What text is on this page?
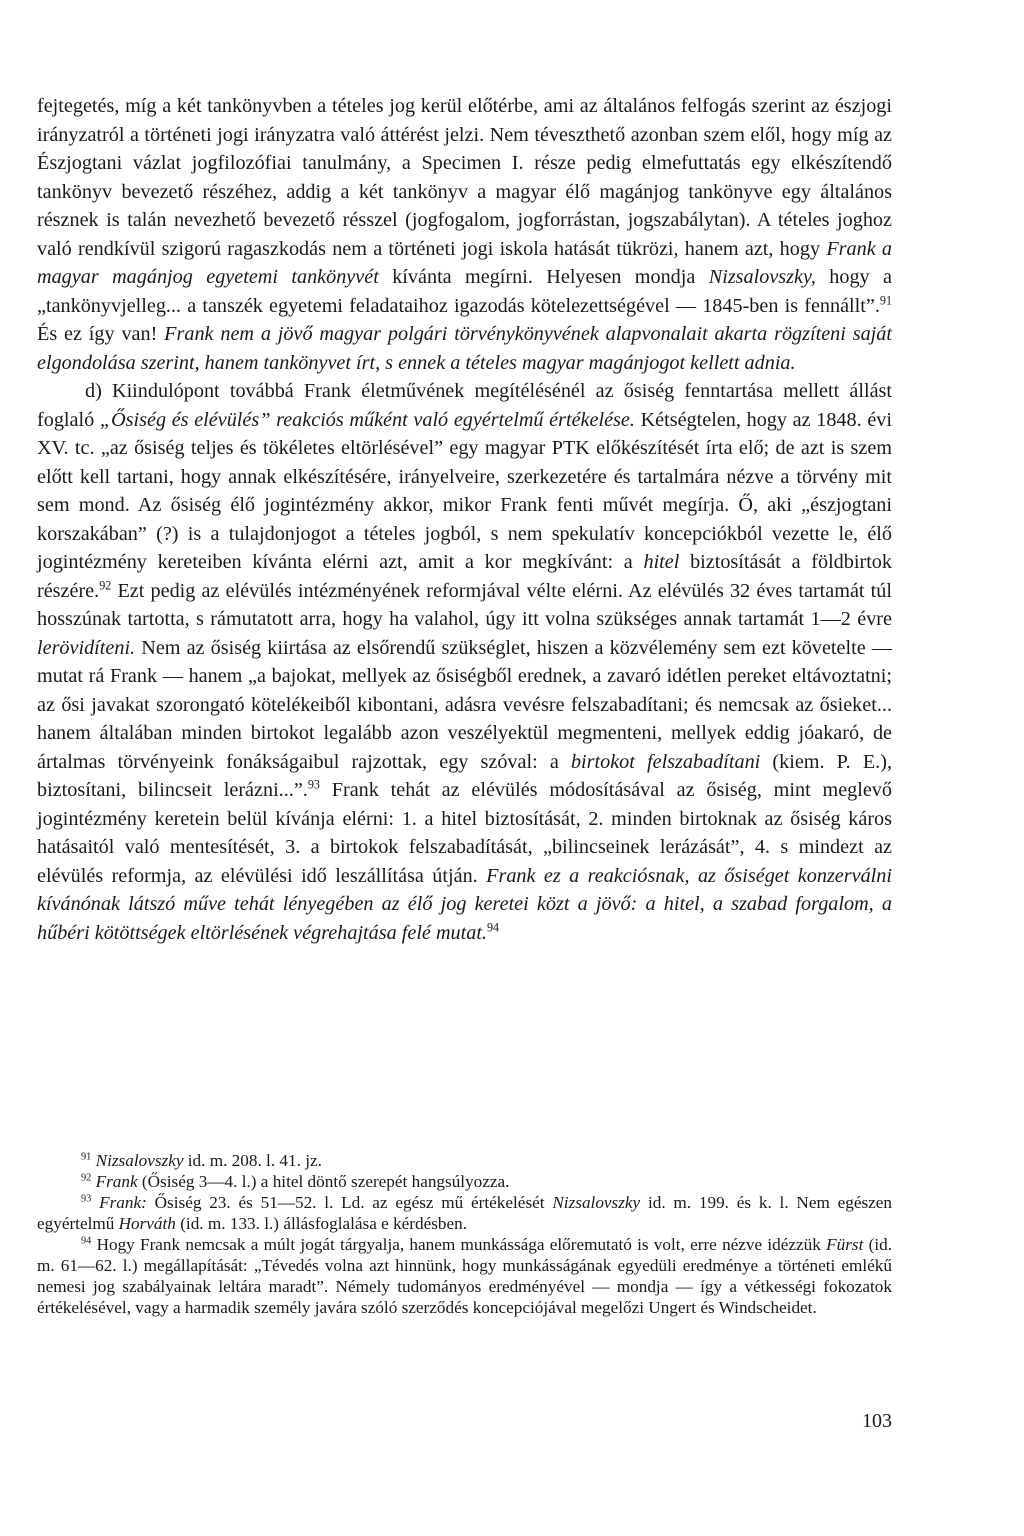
fejtegetés, míg a két tankönyvben a tételes jog kerül előtérbe, ami az általános felfogás szerint az észjogi irányzatról a történeti jogi irányzatra való áttérést jelzi. Nem téveszthető azonban szem elől, hogy míg az Észjogtani vázlat jogfilozófiai tanulmány, a Specimen I. része pedig elmefuttatás egy elkészítendő tankönyv bevezető részéhez, addig a két tankönyv a magyar élő magánjog tankönyve egy általános résznek is talán nevezhető bevezető résszel (jogfogalom, jogforrástan, jogszabálytan). A tételes joghoz való rendkívül szigorú ragaszkodás nem a történeti jogi iskola hatását tükrözi, hanem azt, hogy Frank a magyar magánjog egyetemi tankönyvét kívánta megírni. Helyesen mondja Nizsalovszky, hogy a „tankönyvjelleg... a tanszék egyetemi feladataihoz igazodás kötelezettségével — 1845-ben is fennállt”.$^{91}$ És ez így van! Frank nem a jövő magyar polgári törvénykönyvének alapvonalait akarta rögzíteni saját elgondolása szerint, hanem tankönyvet írt, s ennek a tételes magyar magánjogot kellett adnia.

d) Kiindulópont továbbá Frank életművének megítélésénél az ősiség fenntartása mellett állást foglaló „Ősiség és elévülés” reakciós műként való egyértelmű értékelése. Kétségtelen, hogy az 1848. évi XV. tc. „az ősiség teljes és tökéletes eltörlésével” egy magyar PTK előkészítését írta elő; de azt is szem előtt kell tartani, hogy annak elkészítésére, irányelveire, szerkezetére és tartalmára nézve a törvény mit sem mond. Az ősiség élő jogintézmény akkor, mikor Frank fenti művét megírja. Ő, aki „észjogtani korszakában” (?) is a tulajdonjogot a tételes jogból, s nem spekulatív koncepciókból vezette le, élő jogintézmény kereteiben kívánta elérni azt, amit a kor megkívánt: a hitel biztosítását a földbirtok részére.$^{92}$ Ezt pedig az elévülés intézményének reformjával vélte elérni. Az elévülés 32 éves tartamát túl hosszúnak tartotta, s rámutatott arra, hogy ha valahol, úgy itt volna szükséges annak tartamát 1—2 évre lerövidíteni. Nem az ősiség kiirtása az elsőrendű szükséglet, hiszen a közvélemény sem ezt követelte — mutat rá Frank — hanem „a bajokat, mellyek az ősiségből erednek, a zavaró idétlen pereket eltávoztatni; az ősi javakat szorongató kötelékeiből kibontani, adásra vevésre felszabadítani; és nemcsak az ősieket... hanem általában minden birtokot legalább azon veszélyektül megmenteni, mellyek eddig jóakaró, de ártalmas törvényeink fonákságaibul rajzottak, egy szóval: a birtokot felszabadítani (kiem. P. E.), biztosítani, bilincseit lerázni...”.$^{93}$ Frank tehát az elévülés módosításával az ősiség, mint meglevő jogintézmény keretein belül kívánja elérni: 1. a hitel biztosítását, 2. minden birtoknak az ősiség káros hatásaitól való mentesítését, 3. a birtokok felszabadítását, „bilincseinek lerázását”, 4. s mindezt az elévülés reformja, az elévülési idő leszállítása útján. Frank ez a reakciósnak, az ősiséget konzerválni kívánónak látszó műve tehát lényegében az élő jog keretei közt a jövő: a hitel, a szabad forgalom, a hűbéri kötöttségek eltörlésének végrehajtása felé mutat.$^{94}$

$^{91}$ Nizsalovszky id. m. 208. l. 41. jz.

$^{92}$ Frank (Ősiség 3—4. l.) a hitel döntő szerepét hangsúlyozza.

$^{93}$ Frank: Ősiség 23. és 51—52. l. Ld. az egész mű értékelését Nizsalovszky id. m. 199. és k. l. Nem egészen egyértelmű Horváth (id. m. 133. l.) állásfoglalása e kérdésben.

$^{94}$ Hogy Frank nemcsak a múlt jogát tárgyalja, hanem munkássága előremutató is volt, erre nézve idézzük Fürst (id. m. 61—62. l.) megállapítását: „Tévedés volna azt hinnünk, hogy munkásságának egyedüli eredménye a történeti emlékű nemesi jog szabályainak leltára maradt”. Némely tudományos eredményével — mondja — így a vétkességi fokozatok értékelésével, vagy a harmadik személy javára szóló szerződés koncepciójával megelőzi Ungert és Windscheidet.

103
